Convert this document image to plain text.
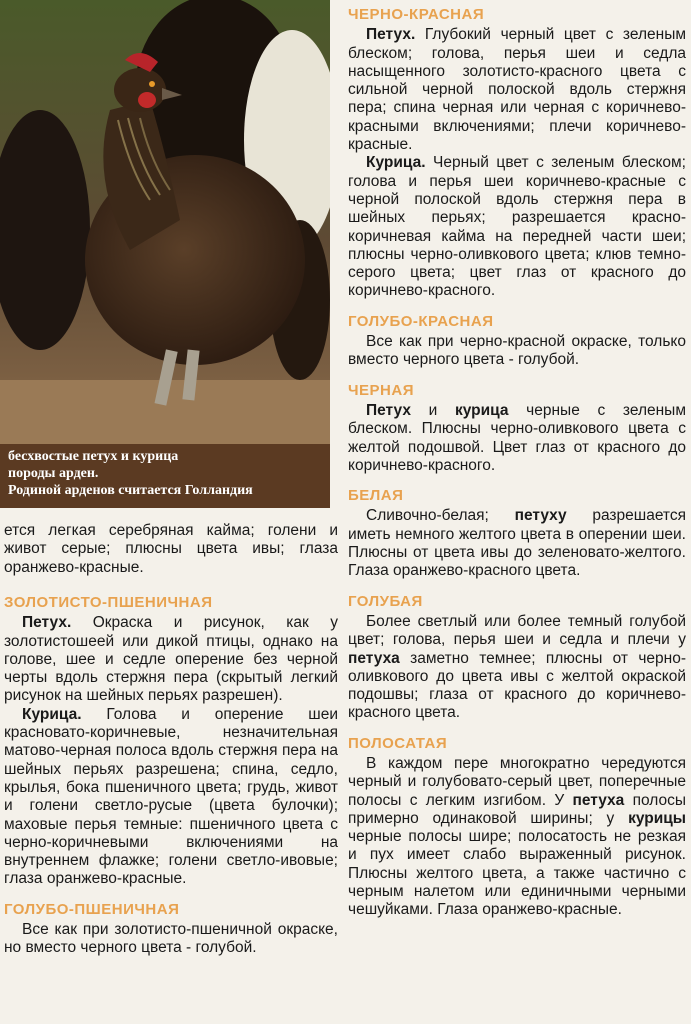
бесхвостые петух и курица
породы арден.
Родиной арденов считается Голландия
ЧЕРНО-КРАСНАЯ

Петух. Глубокий черный цвет с зеленым блеском; голова, перья шеи и седла насыщенного золотисто-красного цвета с сильной черной полоской вдоль стержня пера; спина черная или черная с коричнево-красными включениями; плечи коричнево-красные.

Курица. Черный цвет с зеленым блеском; голова и перья шеи коричнево-красные с черной полоской вдоль стержня пера в шейных перьях; разрешается красно-коричневая кайма на передней части шеи; плюсны черно-оливкового цвета; клюв темно-серого цвета; цвет глаз от красного до коричнево-красного.

ГОЛУБО-КРАСНАЯ

Все как при черно-красной окраске, только вместо черного цвета - голубой.

ЧЕРНАЯ

Петух и курица черные с зеленым блеском. Плюсны черно-оливкового цвета с желтой подошвой. Цвет глаз от красного до коричнево-красного.

БЕЛАЯ

Сливочно-белая; петуху разрешается иметь немного желтого цвета в оперении шеи. Плюсны от цвета ивы до зеленовато-желтого. Глаза оранжево-красного цвета.

ГОЛУБАЯ

Более светлый или более темный голубой цвет; голова, перья шеи и седла и плечи у петуха заметно темнее; плюсны от черно-оливкового до цвета ивы с желтой окраской подошвы; глаза от красного до коричнево-красного цвета.

ПОЛОСАТАЯ

В каждом пере многократно чередуются черный и голубовато-серый цвет, поперечные полосы с легким изгибом. У петуха полосы примерно одинаковой ширины; у курицы черные полосы шире; полосатость не резкая и пух имеет слабо выраженный рисунок. Плюсны желтого цвета, а также частично с черным налетом или единичными черными чешуйками. Глаза оранжево-красные.

ется легкая серебряная кайма; голени и живот серые; плюсны цвета ивы; глаза оранжево-красные.

ЗОЛОТИСТО-ПШЕНИЧНАЯ

Петух. Окраска и рисунок, как у золотистошеей или дикой птицы, однако на голове, шее и седле оперение без черной черты вдоль стержня пера (скрытый легкий рисунок на шейных перьях разрешен).

Курица. Голова и оперение шеи красновато-коричневые, незначительная матово-черная полоса вдоль стержня пера на шейных перьях разрешена; спина, седло, крылья, бока пшеничного цвета; грудь, живот и голени светло-русые (цвета булочки); маховые перья темные: пшеничного цвета с черно-коричневыми включениями на внутреннем флажке; голени светло-ивовые; глаза оранжево-красные.

ГОЛУБО-ПШЕНИЧНАЯ

Все как при золотисто-пшеничной окраске, но вместо черного цвета - голубой.
